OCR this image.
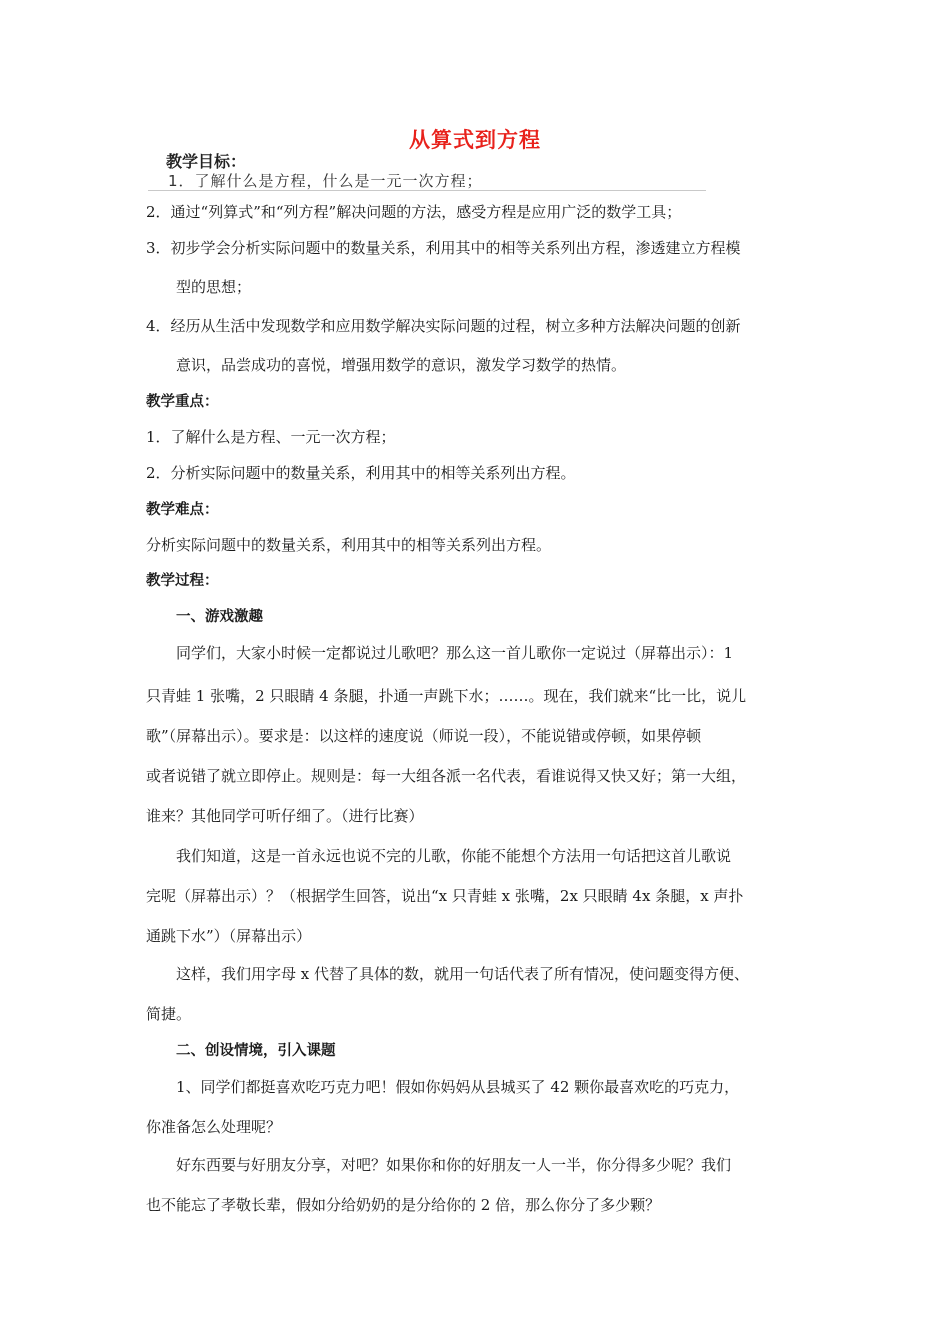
从算式到方程
教学目标：
1．了解什么是方程，什么是一元一次方程；
2．通过“列算式”和“列方程”解决问题的方法，感受方程是应用广泛的数学工具；
3．初步学会分析实际问题中的数量关系，利用其中的相等关系列出方程，渗透建立方程模
型的思想；
4．经历从生活中发现数学和应用数学解决实际问题的过程，树立多种方法解决问题的创新
意识，品尝成功的喜悦，增强用数学的意识，激发学习数学的热情。
教学重点：
1．了解什么是方程、一元一次方程；
2．分析实际问题中的数量关系，利用其中的相等关系列出方程。
教学难点：
分析实际问题中的数量关系，利用其中的相等关系列出方程。
教学过程：
一、游戏激趣
同学们，大家小时候一定都说过儿歌吧？那么这一首儿歌你一定说过（屏幕出示）：1
只青蛙 1 张嘴，2 只眼睛 4 条腿，扑通一声跳下水；……。现在，我们就来“比一比，说儿
歌”（屏幕出示）。要求是：以这样的速度说（师说一段），不能说错或停顿，如果停顿
或者说错了就立即停止。规则是：每一大组各派一名代表，看谁说得又快又好；第一大组，
谁来？其他同学可听仔细了。（进行比赛）
我们知道，这是一首永远也说不完的儿歌，你能不能想个方法用一句话把这首儿歌说
完呢（屏幕出示）？（根据学生回答，说出“x 只青蛙 x 张嘴，2x 只眼睛 4x 条腿，x 声扑
通跳下水”）（屏幕出示）
这样，我们用字母 x 代替了具体的数，就用一句话代表了所有情况，使问题变得方便、
简捷。
二、创设情境，引入课题
1、同学们都挺喜欢吃巧克力吧！假如你妈妈从县城买了 42 颗你最喜欢吃的巧克力，
你准备怎么处理呢？
好东西要与好朋友分享，对吧？如果你和你的好朋友一人一半，你分得多少呢？我们
也不能忘了孝敬长辈，假如分给奶奶的是分给你的 2 倍，那么你分了多少颗？
